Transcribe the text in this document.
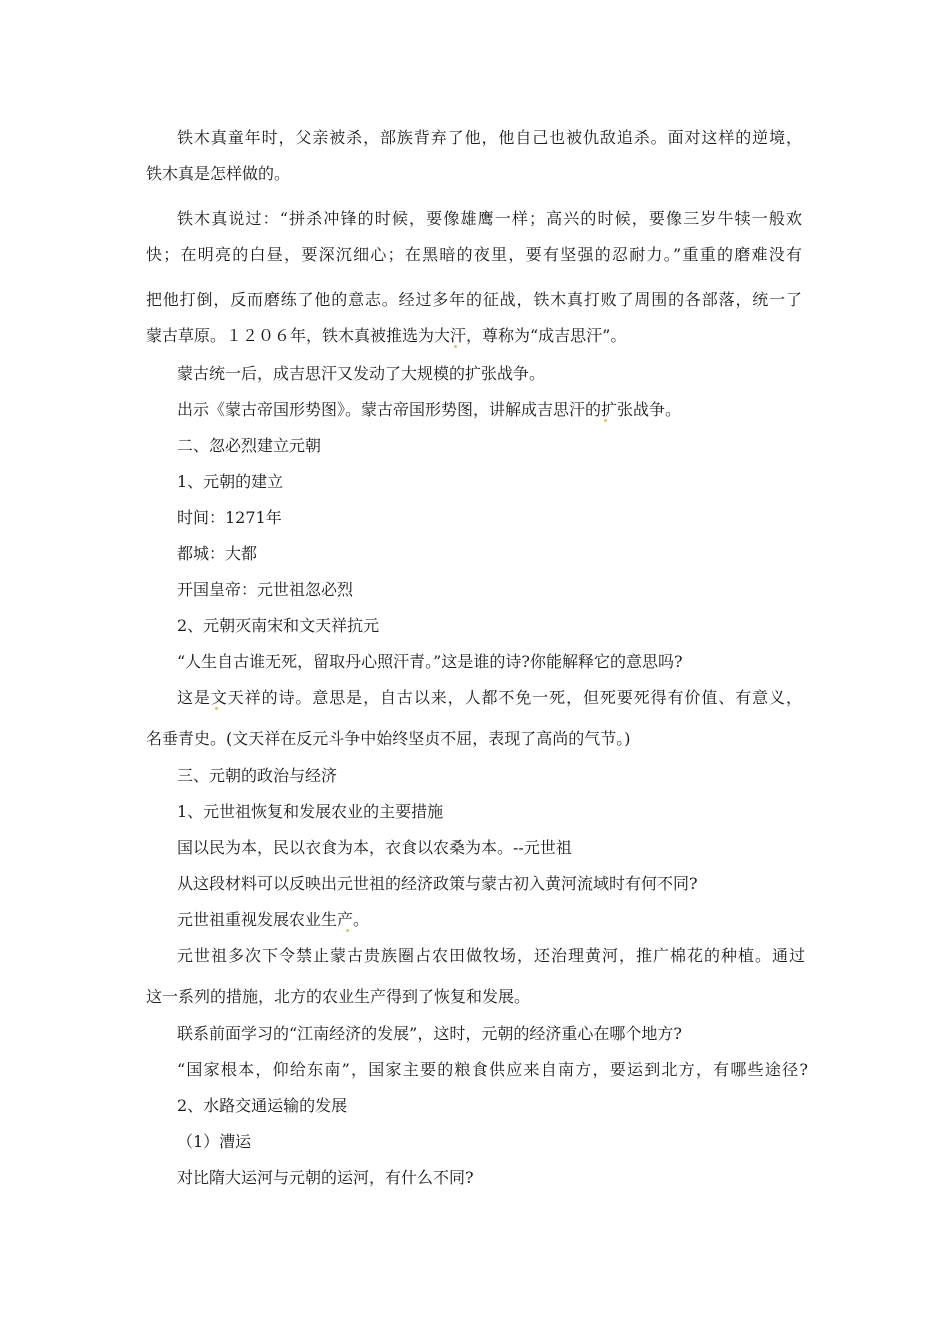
铁木真童年时，父亲被杀，部族背弃了他，他自己也被仇敌追杀。面对这样的逆境，

铁木真是怎样做的。

铁木真说过：“拼杀冲锋的时候，要像雄鹰一样；高兴的时候，要像三岁牛犊一般欢

快；在明亮的白昼，要深沉细心；在黑暗的夜里，要有坚强的忍耐力。”重重的磨难没有

把他打倒，反而磨练了他的意志。经过多年的征战，铁木真打败了周围的各部落，统一了

蒙古草原。１２０６年，铁木真被推选为大汗，尊称为“成吉思汗”。

蒙古统一后，成吉思汗又发动了大规模的扩张战争。

出示《蒙古帝国形势图》。蒙古帝国形势图，讲解成吉思汗的扩张战争。

二、忽必烈建立元朝

1、元朝的建立

时间：1271年

都城：大都

开国皇帝：元世祖忽必烈

2、元朝灭南宋和文天祥抗元

“人生自古谁无死，留取丹心照汗青。”这是谁的诗?你能解释它的意思吗?

这是文天祥的诗。意思是，自古以来，人都不免一死，但死要死得有价值、有意义，

名垂青史。(文天祥在反元斗争中始终坚贞不屈，表现了高尚的气节。)

三、元朝的政治与经济

1、元世祖恢复和发展农业的主要措施

国以民为本，民以衣食为本，衣食以农桑为本。--元世祖

从这段材料可以反映出元世祖的经济政策与蒙古初入黄河流域时有何不同?

元世祖重视发展农业生产。

元世祖多次下令禁止蒙古贵族圈占农田做牧场，还治理黄河，推广棉花的种植。通过

这一系列的措施，北方的农业生产得到了恢复和发展。

联系前面学习的“江南经济的发展”，这时，元朝的经济重心在哪个地方?

“国家根本，仰给东南”，国家主要的粮食供应来自南方，要运到北方，有哪些途径?

2、水路交通运输的发展

（1）漕运

对比隋大运河与元朝的运河，有什么不同?
